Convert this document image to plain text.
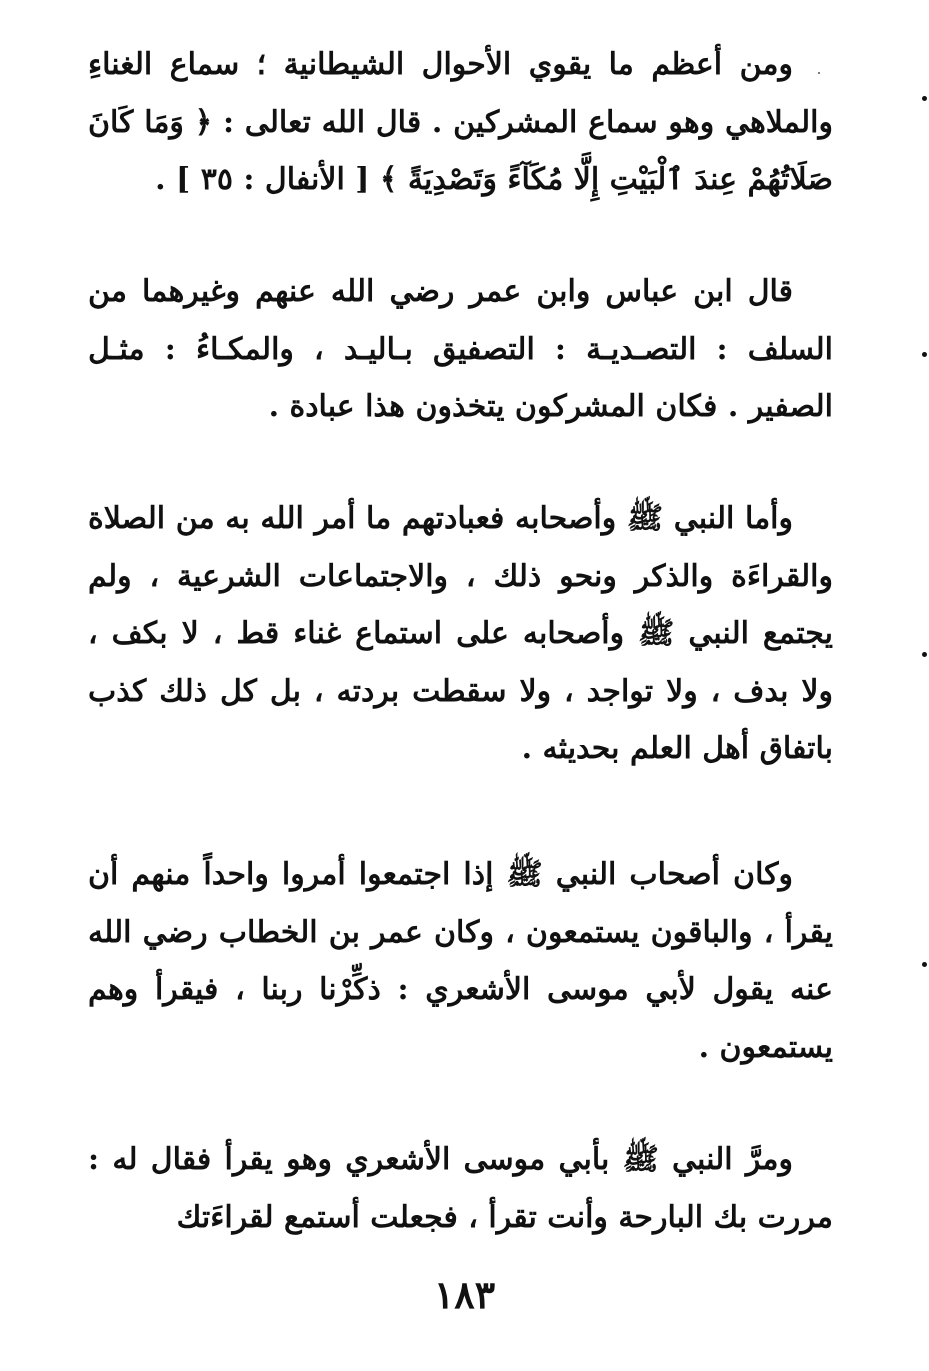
ومن أعظم ما يقوي الأحوال الشيطانية ؛ سماع الغناءِ والملاهي وهو سماع المشركين . قال الله تعالى : ﴿ وَمَا كَانَ صَلَاتُهُمْ عِندَ ٱلْبَيْتِ إِلَّا مُكَآءً وَتَصْدِيَةً ﴾ [ الأنفال : ٣٥ ] .

قال ابن عباس وابن عمر رضي الله عنهم وغيرهما من السلف : التصـديـة : التصفيق بـاليـد ، والمكـاءُ : مثـل الصفير . فكان المشركون يتخذون هذا عبادة .

وأما النبي ﷺ وأصحابه فعبادتهم ما أمر الله به من الصلاة والقراءَة والذكر ونحو ذلك ، والاجتماعات الشرعية ، ولم يجتمع النبي ﷺ وأصحابه على استماع غناء قط ، لا بكف ، ولا بدف ، ولا تواجد ، ولا سقطت بردته ، بل كل ذلك كذب باتفاق أهل العلم بحديثه .

وكان أصحاب النبي ﷺ إذا اجتمعوا أمروا واحداً منهم أن يقرأ ، والباقون يستمعون ، وكان عمر بن الخطاب رضي الله عنه يقول لأبي موسى الأشعري : ذكِّرْنا ربنا ، فيقرأ وهم يستمعون .

ومرَّ النبي ﷺ بأبي موسى الأشعري وهو يقرأ فقال له : مررت بك البارحة وأنت تقرأ ، فجعلت أستمع لقراءَتك

١٨٣
